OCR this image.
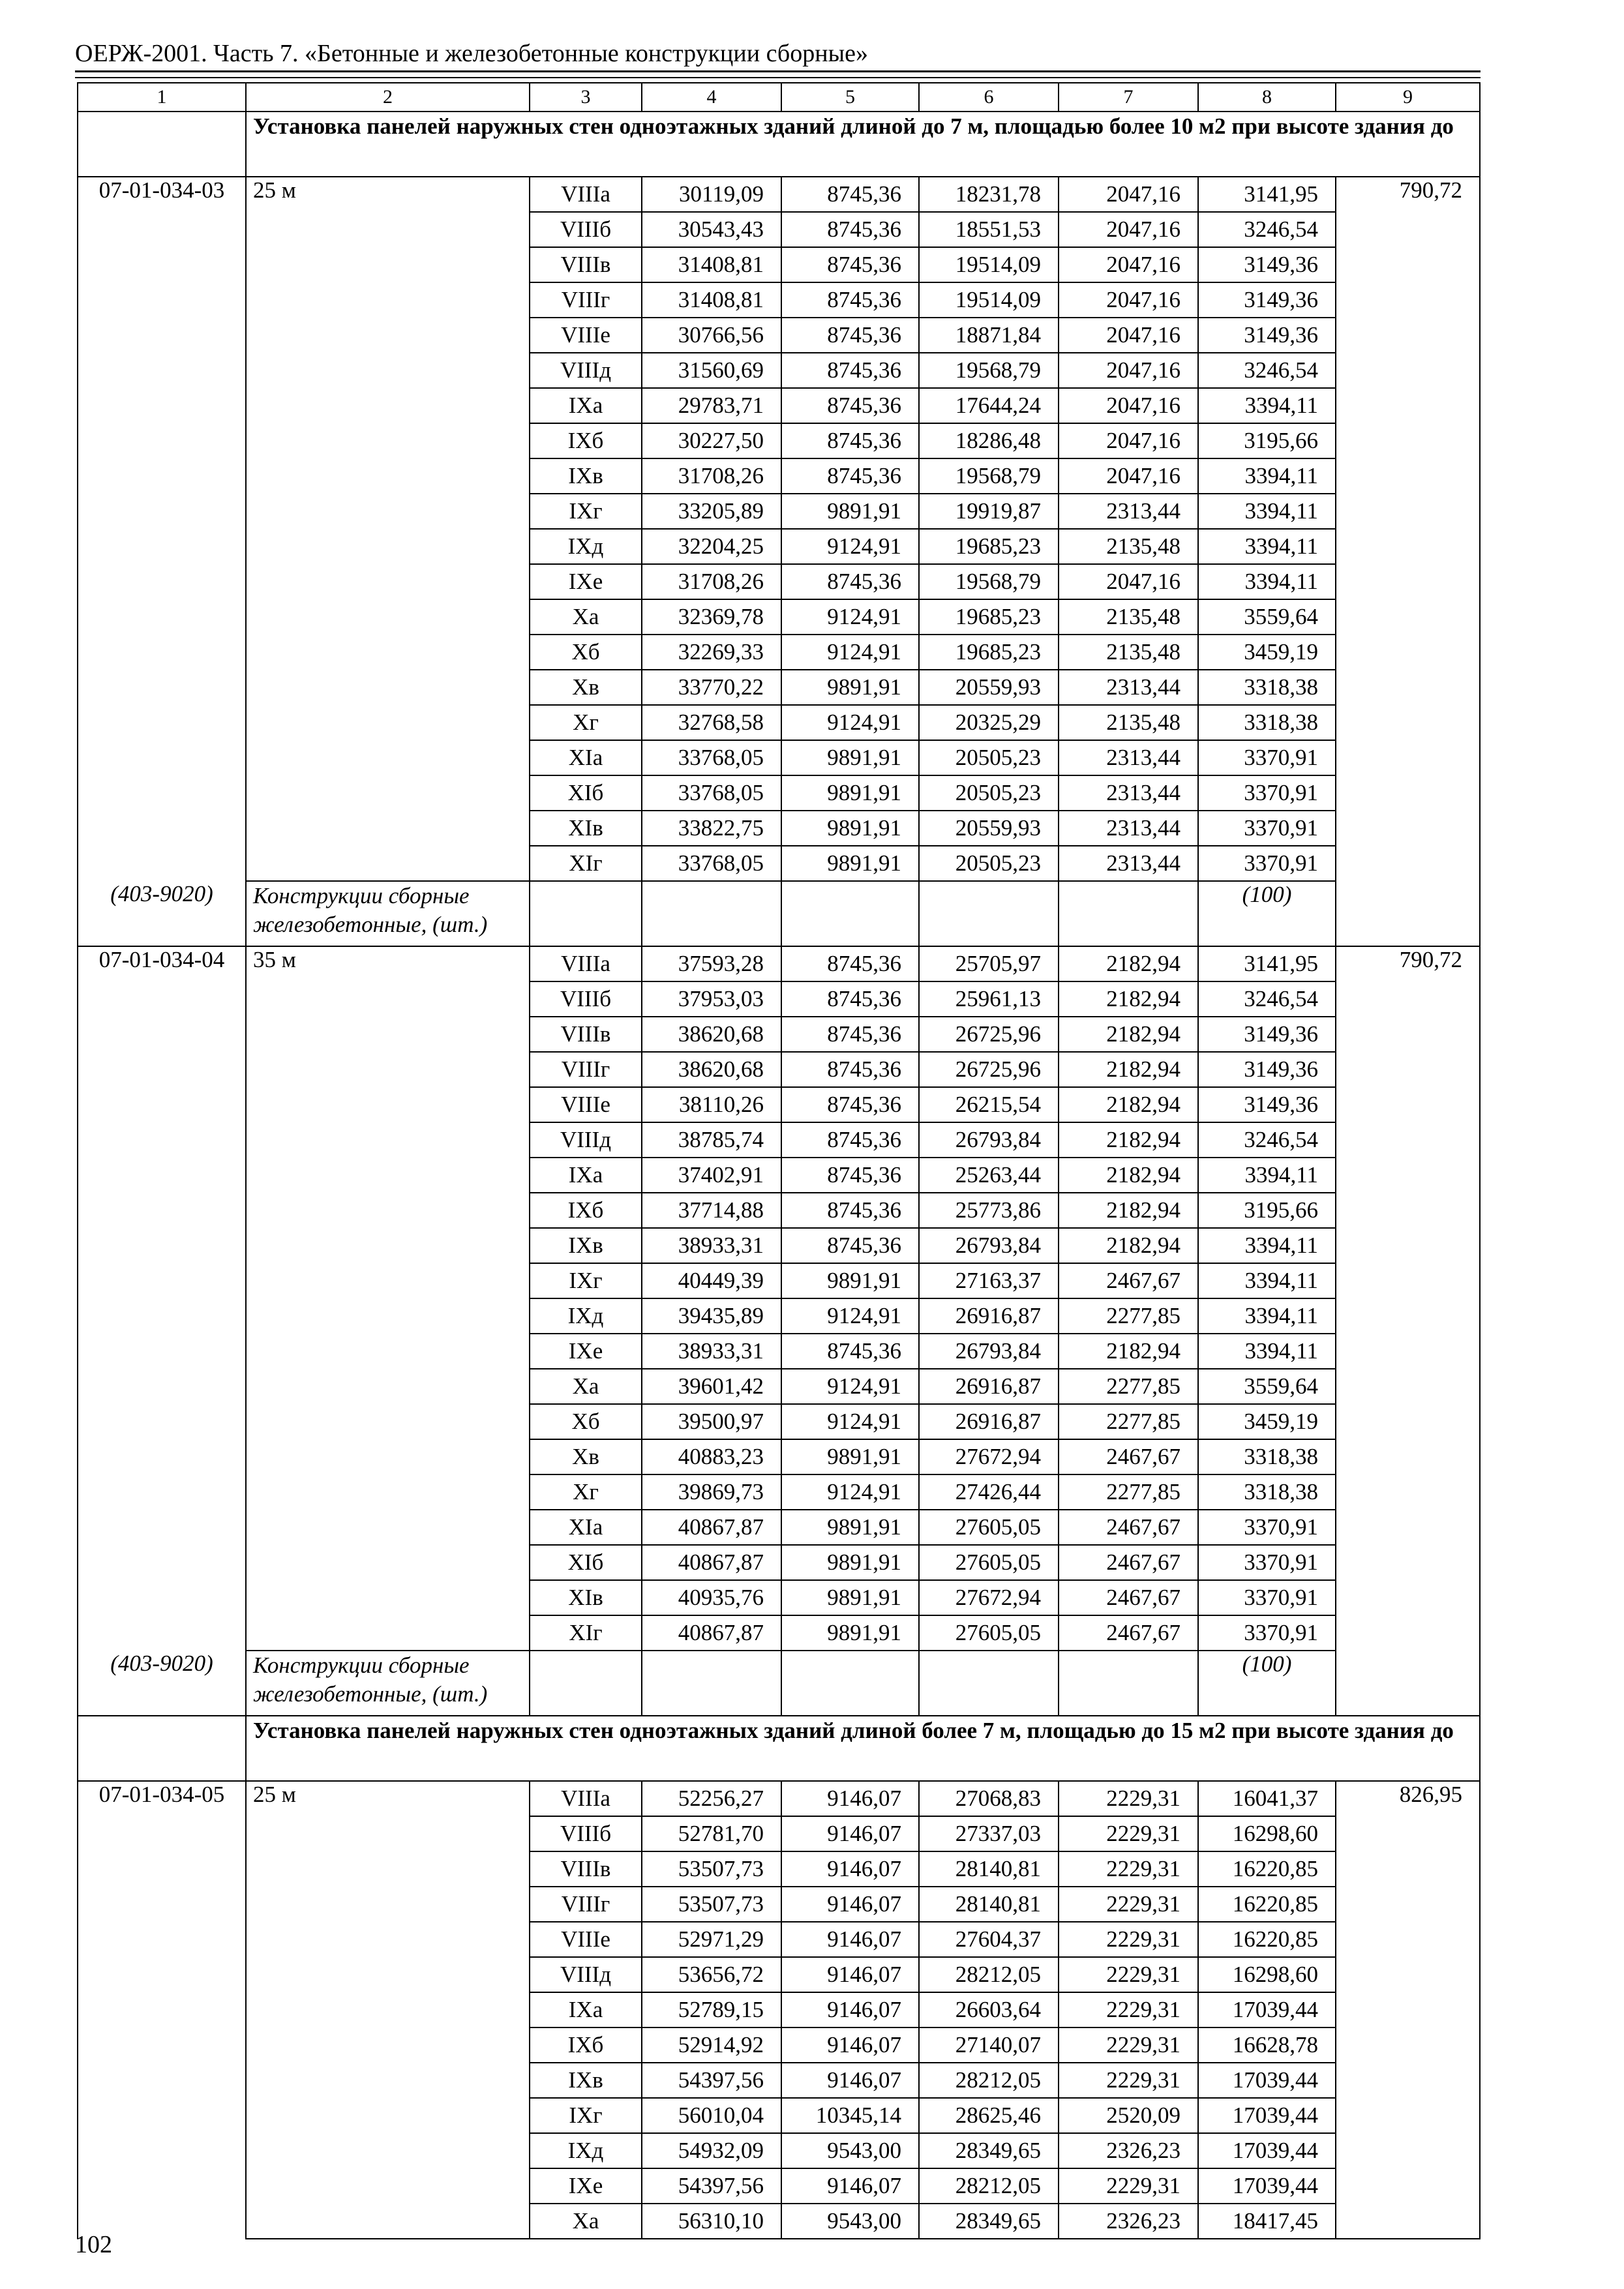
ОЕРЖ-2001. Часть 7. «Бетонные и железобетонные конструкции сборные»
1	2	3	4	5	6	7	8	9
	Установка панелей наружных стен одноэтажных зданий длиной до 7 м, площадью более 10 м2 при высоте здания до							
07-01-034-03	25 м	VIIIа	30119,09	8745,36	18231,78	2047,16	3141,95	790,72
		VIIIб	30543,43	8745,36	18551,53	2047,16	3246,54	
		VIIIв	31408,81	8745,36	19514,09	2047,16	3149,36	
		VIIIг	31408,81	8745,36	19514,09	2047,16	3149,36	
		VIIIе	30766,56	8745,36	18871,84	2047,16	3149,36	
		VIIIд	31560,69	8745,36	19568,79	2047,16	3246,54	
		IXа	29783,71	8745,36	17644,24	2047,16	3394,11	
		IXб	30227,50	8745,36	18286,48	2047,16	3195,66	
		IXв	31708,26	8745,36	19568,79	2047,16	3394,11	
		IXг	33205,89	9891,91	19919,87	2313,44	3394,11	
		IXд	32204,25	9124,91	19685,23	2135,48	3394,11	
		IXе	31708,26	8745,36	19568,79	2047,16	3394,11	
		Xа	32369,78	9124,91	19685,23	2135,48	3559,64	
		Xб	32269,33	9124,91	19685,23	2135,48	3459,19	
		Xв	33770,22	9891,91	20559,93	2313,44	3318,38	
		Xг	32768,58	9124,91	20325,29	2135,48	3318,38	
		XIа	33768,05	9891,91	20505,23	2313,44	3370,91	
		XIб	33768,05	9891,91	20505,23	2313,44	3370,91	
		XIв	33822,75	9891,91	20559,93	2313,44	3370,91	
		XIг	33768,05	9891,91	20505,23	2313,44	3370,91	
(403-9020)	Конструкции сборные железобетонные, (шт.)						(100)	
07-01-034-04	35 м	VIIIа	37593,28	8745,36	25705,97	2182,94	3141,95	790,72
		VIIIб	37953,03	8745,36	25961,13	2182,94	3246,54	
		VIIIв	38620,68	8745,36	26725,96	2182,94	3149,36	
		VIIIг	38620,68	8745,36	26725,96	2182,94	3149,36	
		VIIIе	38110,26	8745,36	26215,54	2182,94	3149,36	
		VIIIд	38785,74	8745,36	26793,84	2182,94	3246,54	
		IXа	37402,91	8745,36	25263,44	2182,94	3394,11	
		IXб	37714,88	8745,36	25773,86	2182,94	3195,66	
		IXв	38933,31	8745,36	26793,84	2182,94	3394,11	
		IXг	40449,39	9891,91	27163,37	2467,67	3394,11	
		IXд	39435,89	9124,91	26916,87	2277,85	3394,11	
		IXе	38933,31	8745,36	26793,84	2182,94	3394,11	
		Xа	39601,42	9124,91	26916,87	2277,85	3559,64	
		Xб	39500,97	9124,91	26916,87	2277,85	3459,19	
		Xв	40883,23	9891,91	27672,94	2467,67	3318,38	
		Xг	39869,73	9124,91	27426,44	2277,85	3318,38	
		XIа	40867,87	9891,91	27605,05	2467,67	3370,91	
		XIб	40867,87	9891,91	27605,05	2467,67	3370,91	
		XIв	40935,76	9891,91	27672,94	2467,67	3370,91	
		XIг	40867,87	9891,91	27605,05	2467,67	3370,91	
(403-9020)	Конструкции сборные железобетонные, (шт.)						(100)	
	Установка панелей наружных стен одноэтажных зданий длиной более 7 м, площадью до 15 м2 при высоте здания до							
07-01-034-05	25 м	VIIIа	52256,27	9146,07	27068,83	2229,31	16041,37	826,95
		VIIIб	52781,70	9146,07	27337,03	2229,31	16298,60	
		VIIIв	53507,73	9146,07	28140,81	2229,31	16220,85	
		VIIIг	53507,73	9146,07	28140,81	2229,31	16220,85	
		VIIIе	52971,29	9146,07	27604,37	2229,31	16220,85	
		VIIIд	53656,72	9146,07	28212,05	2229,31	16298,60	
		IXа	52789,15	9146,07	26603,64	2229,31	17039,44	
		IXб	52914,92	9146,07	27140,07	2229,31	16628,78	
		IXв	54397,56	9146,07	28212,05	2229,31	17039,44	
		IXг	56010,04	10345,14	28625,46	2520,09	17039,44	
		IXд	54932,09	9543,00	28349,65	2326,23	17039,44	
		IXе	54397,56	9146,07	28212,05	2229,31	17039,44	
		Xа	56310,10	9543,00	28349,65	2326,23	18417,45	
102
